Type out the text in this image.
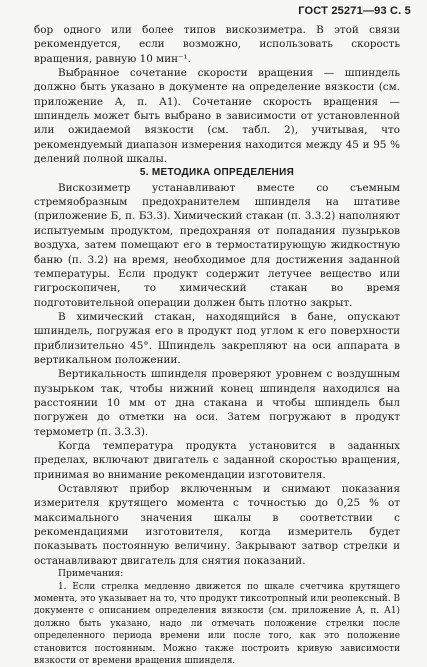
ГОСТ 25271—93 С. 5

бор одного или более типов вискозиметра. В этой связи рекомендуется, если возможно, использовать скорость вращения, равную 10 мин⁻¹.

Выбранное сочетание скорости вращения — шпиндель должно быть указано в документе на определение вязкости (см. приложение А, п. А1). Сочетание скорость вращения — шпиндель может быть выбрано в зависимости от установленной или ожидаемой вязкости (см. табл. 2), учитывая, что рекомендуемый диапазон измерения находится между 45 и 95 % делений полной шкалы.

5. МЕТОДИКА ОПРЕДЕЛЕНИЯ

Вискозиметр устанавливают вместе со съемным стремяобразным предохранителем шпинделя на штативе (приложение Б, п. Б3.3). Химический стакан (п. 3.3.2) наполняют испытуемым продуктом, предохраняя от попадания пузырьков воздуха, затем помещают его в термостатирующую жидкостную баню (п. 3.2) на время, необходимое для достижения заданной температуры. Если продукт содержит летучее вещество или гигроскопичен, то химический стакан во время подготовительной операции должен быть плотно закрыт.

В химический стакан, находящийся в бане, опускают шпиндель, погружая его в продукт под углом к его поверхности приблизительно 45°. Шпиндель закрепляют на оси аппарата в вертикальном положении.

Вертикальность шпинделя проверяют уровнем с воздушным пузырьком так, чтобы нижний конец шпинделя находился на расстоянии 10 мм от дна стакана и чтобы шпиндель был погружен до отметки на оси. Затем погружают в продукт термометр (п. 3.3.3).

Когда температура продукта установится в заданных пределах, включают двигатель с заданной скоростью вращения, принимая во внимание рекомендации изготовителя.

Оставляют прибор включенным и снимают показания измерителя крутящего момента с точностью до 0,25 % от максимального значения шкалы в соответствии с рекомендациями изготовителя, когда измеритель будет показывать постоянную величину. Закрывают затвор стрелки и останавливают двигатель для снятия показаний.

Примечания:

1. Если стрелка медленно движется по шкале счетчика крутящего момента, это указывает на то, что продукт тиксотропный или реопексный. В документе с описанием определения вязкости (см. приложение А, п. А1) должно быть указано, надо ли отмечать положение стрелки после определенного периода времени или после того, как это положение становится постоянным. Можно также построить кривую зависимости вязкости от времени вращения шпинделя.
